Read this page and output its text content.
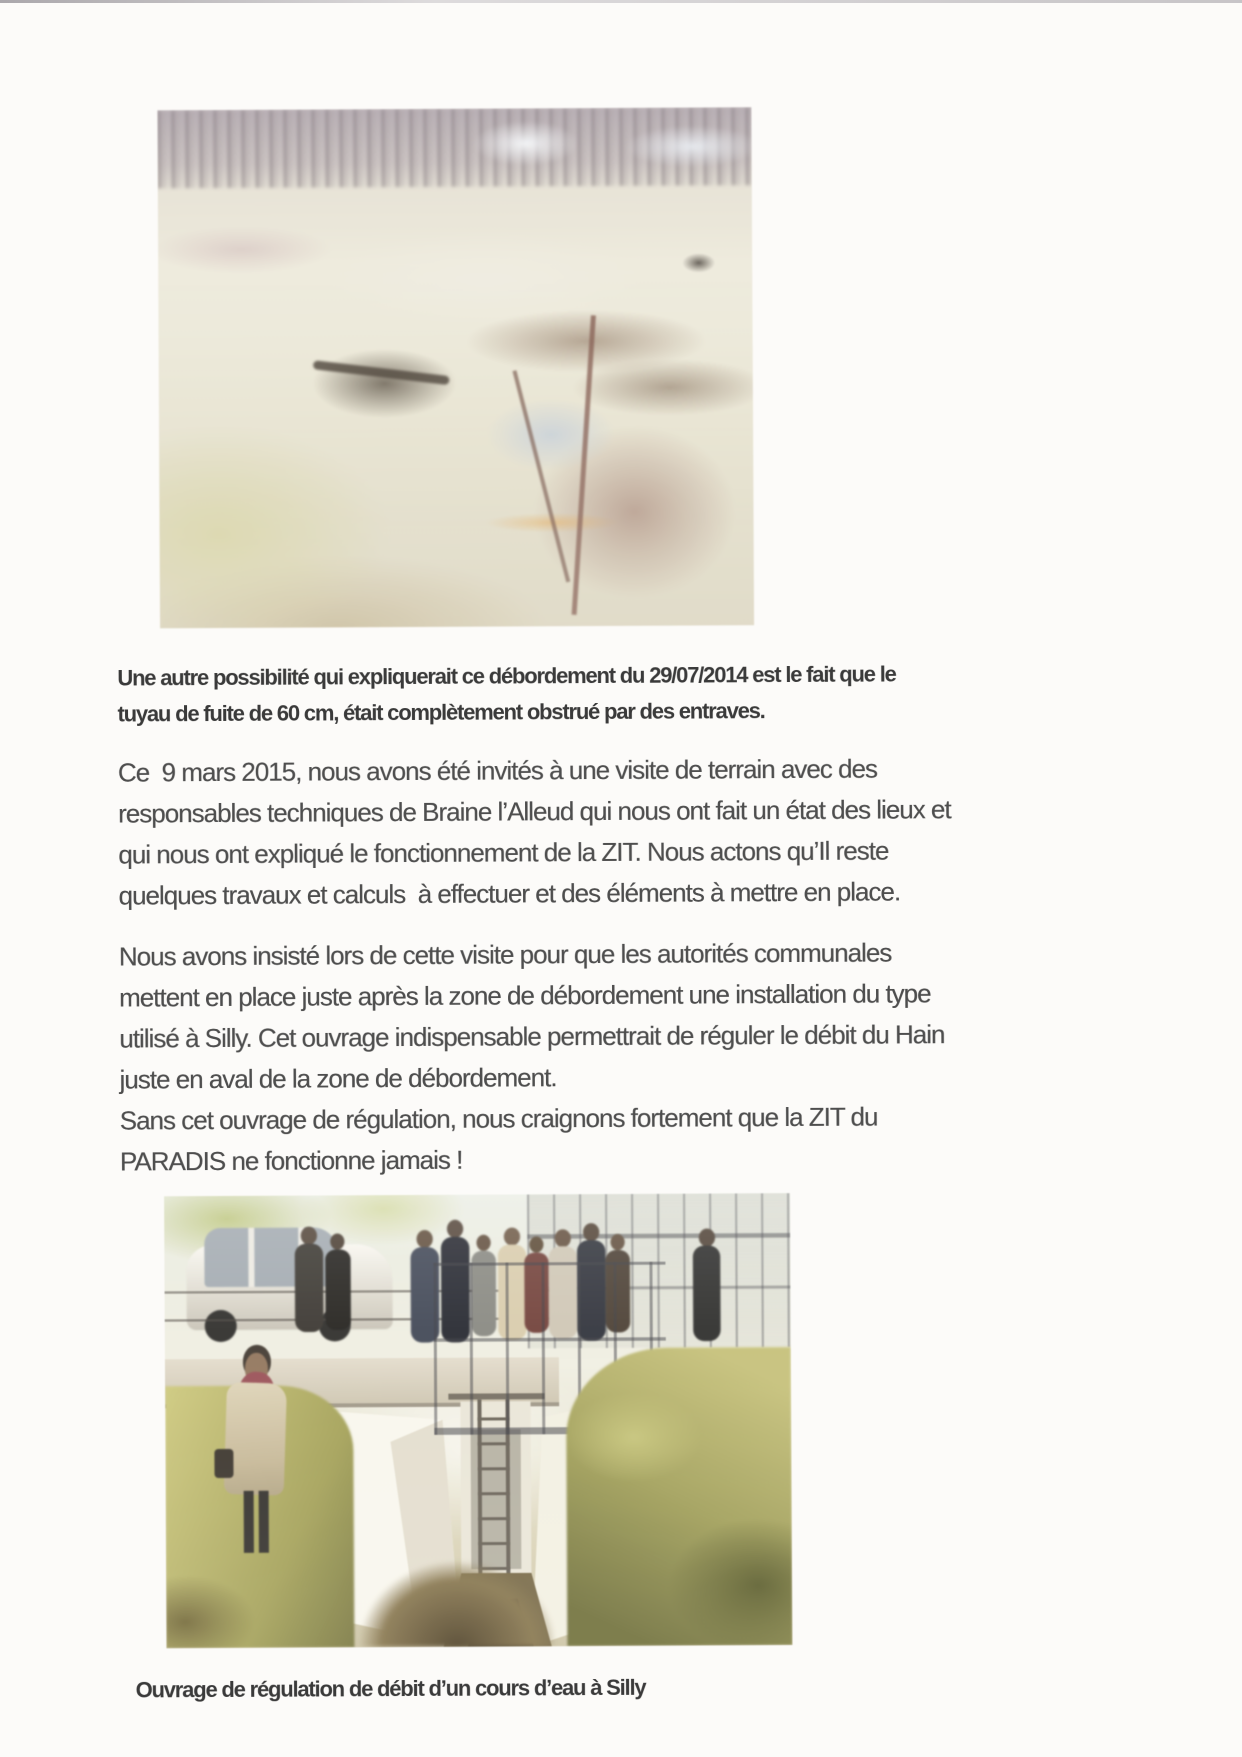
Une autre possibilité qui expliquerait ce débordement du 29/07/2014 est le fait que le
tuyau de fuite de 60 cm, était complètement obstrué par des entraves.

Ce  9 mars 2015, nous avons été invités à une visite de terrain avec des
responsables techniques de Braine l’Alleud qui nous ont fait un état des lieux et
qui nous ont expliqué le fonctionnement de la ZIT. Nous actons qu’Il reste
quelques travaux et calculs  à effectuer et des éléments à mettre en place.

Nous avons insisté lors de cette visite pour que les autorités communales
mettent en place juste après la zone de débordement une installation du type
utilisé à Silly. Cet ouvrage indispensable permettrait de réguler le débit du Hain
juste en aval de la zone de débordement.
Sans cet ouvrage de régulation, nous craignons fortement que la ZIT du
PARADIS ne fonctionne jamais !

Ouvrage de régulation de débit d’un cours d’eau à Silly
